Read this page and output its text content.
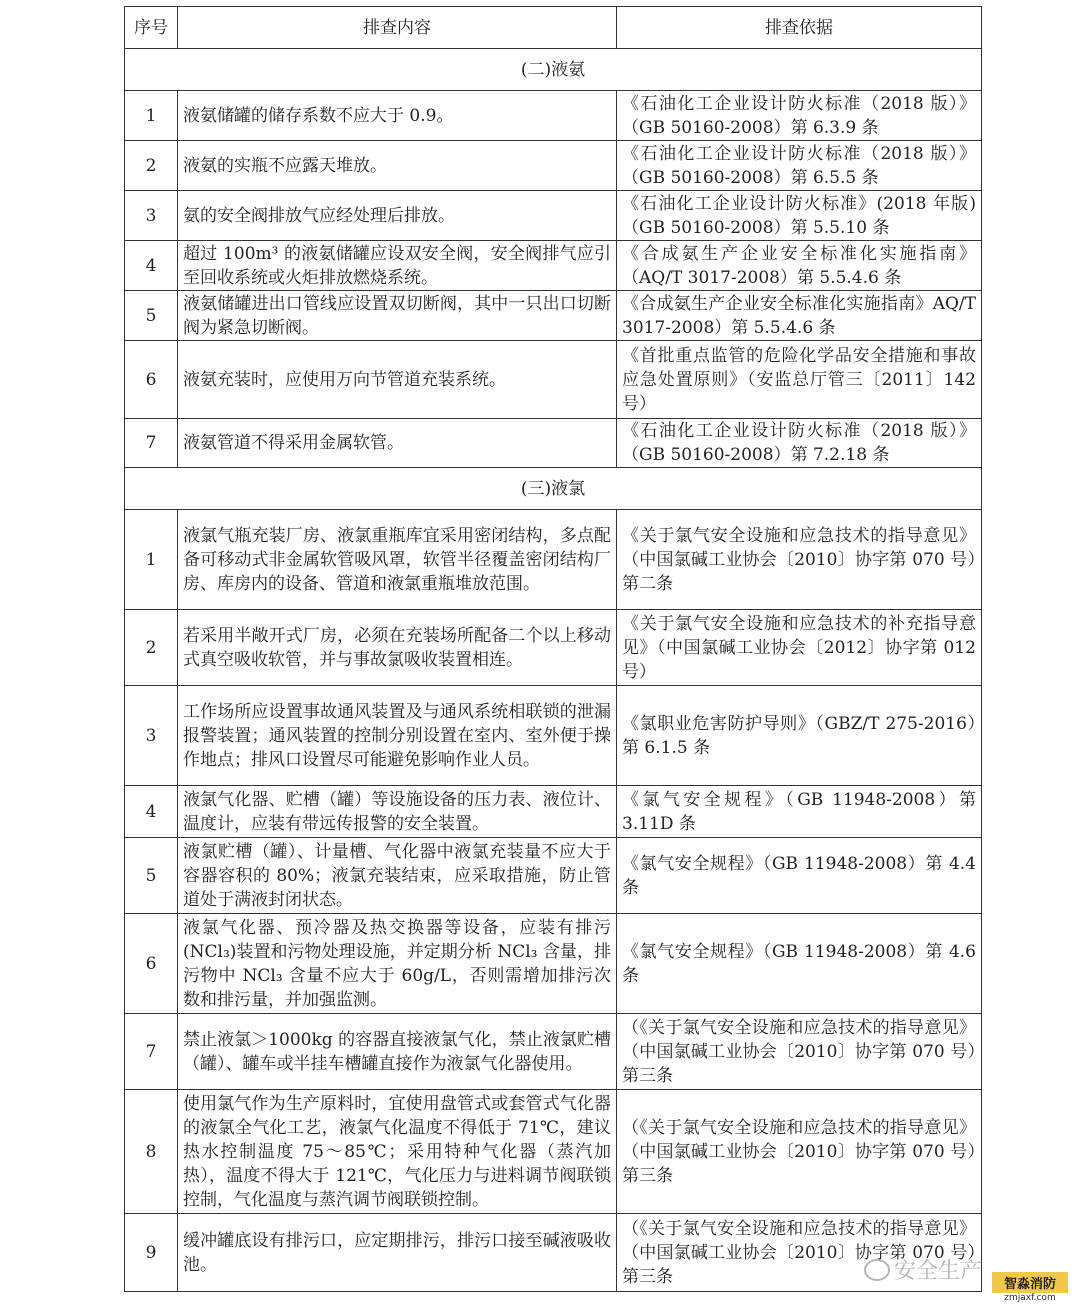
序号	排查内容	排查依据
(二)液氨		
1	液氨储罐的储存系数不应大于 0.9。	《石油化工企业设计防火标准（2018 版）》（GB 50160-2008）第 6.3.9 条
2	液氨的实瓶不应露天堆放。	《石油化工企业设计防火标准（2018 版）》（GB 50160-2008）第 6.5.5 条
3	氨的安全阀排放气应经处理后排放。	《石油化工企业设计防火标准》(2018 年版)（GB 50160-2008）第 5.5.10 条
4	超过 100m³ 的液氨储罐应设双安全阀，安全阀排气应引至回收系统或火炬排放燃烧系统。	《合成氨生产企业安全标准化实施指南》（AQ/T 3017-2008）第 5.5.4.6 条
5	液氨储罐进出口管线应设置双切断阀，其中一只出口切断阀为紧急切断阀。	《合成氨生产企业安全标准化实施指南》AQ/T 3017-2008）第 5.5.4.6 条
6	液氨充装时，应使用万向节管道充装系统。	《首批重点监管的危险化学品安全措施和事故应急处置原则》（安监总厅管三〔2011〕142 号）
7	液氨管道不得采用金属软管。	《石油化工企业设计防火标准（2018 版）》（GB 50160-2008）第 7.2.18 条
(三)液氯		
1	液氯气瓶充装厂房、液氯重瓶库宜采用密闭结构，多点配备可移动式非金属软管吸风罩，软管半径覆盖密闭结构厂房、库房内的设备、管道和液氯重瓶堆放范围。	《关于氯气安全设施和应急技术的指导意见》（中国氯碱工业协会〔2010〕协字第 070 号）第二条
2	若采用半敞开式厂房，必须在充装场所配备二个以上移动式真空吸收软管，并与事故氯吸收装置相连。	《关于氯气安全设施和应急技术的补充指导意见》（中国氯碱工业协会〔2012〕协字第 012 号）
3	工作场所应设置事故通风装置及与通风系统相联锁的泄漏报警装置；通风装置的控制分别设置在室内、室外便于操作地点；排风口设置尽可能避免影响作业人员。	《氯职业危害防护导则》（GBZ/T 275-2016）第 6.1.5 条
4	液氯气化器、贮槽（罐）等设施设备的压力表、液位计、温度计，应装有带远传报警的安全装置。	《氯气安全规程》（GB 11948-2008）第 3.11D 条
5	液氯贮槽（罐）、计量槽、气化器中液氯充装量不应大于容器容积的 80%；液氯充装结束，应采取措施，防止管道处于满液封闭状态。	《氯气安全规程》（GB 11948-2008）第 4.4 条
6	液氯气化器、预冷器及热交换器等设备，应装有排污(NCl₃)装置和污物处理设施，并定期分析 NCl₃ 含量，排污物中 NCl₃ 含量不应大于 60g/L，否则需增加排污次数和排污量，并加强监测。	《氯气安全规程》（GB 11948-2008）第 4.6 条
7	禁止液氯＞1000kg 的容器直接液氯气化，禁止液氯贮槽（罐）、罐车或半挂车槽罐直接作为液氯气化器使用。	（《关于氯气安全设施和应急技术的指导意见》（中国氯碱工业协会〔2010〕协字第 070 号）第三条
8	使用氯气作为生产原料时，宜使用盘管式或套管式气化器的液氯全气化工艺，液氯气化温度不得低于 71℃，建议热水控制温度 75～85℃；采用特种气化器（蒸汽加热），温度不得大于 121℃，气化压力与进料调节阀联锁控制，气化温度与蒸汽调节阀联锁控制。	（《关于氯气安全设施和应急技术的指导意见》（中国氯碱工业协会〔2010〕协字第 070 号）第三条
9	缓冲罐底设有排污口，应定期排污，排污口接至碱液吸收池。	（《关于氯气安全设施和应急技术的指导意见》（中国氯碱工业协会〔2010〕协字第 070 号）第三条	安全生产
智淼消防
zmjaxf.com
